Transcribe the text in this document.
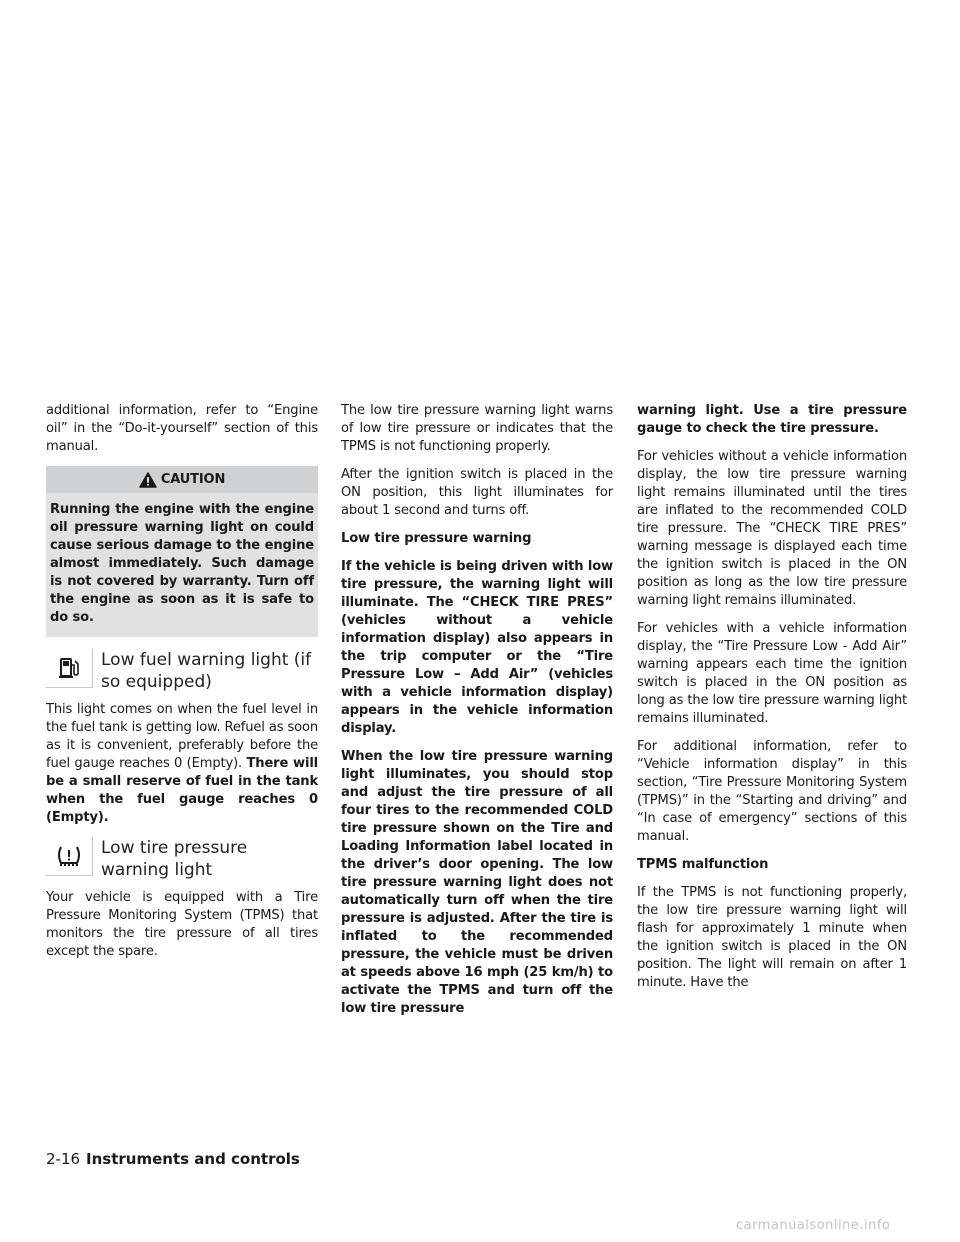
additional information, refer to “Engine oil” in the “Do-it-yourself” section of this manual.

CAUTION
Running the engine with the engine oil pressure warning light on could cause serious damage to the engine almost immediately. Such damage is not covered by warranty. Turn off the engine as soon as it is safe to do so.
Low fuel warning light (if so equipped)

This light comes on when the fuel level in the fuel tank is getting low. Refuel as soon as it is convenient, preferably before the fuel gauge reaches 0 (Empty). There will be a small reserve of fuel in the tank when the fuel gauge reaches 0 (Empty).

Low tire pressure warning light

Your vehicle is equipped with a Tire Pressure Monitoring System (TPMS) that monitors the tire pressure of all tires except the spare.

The low tire pressure warning light warns of low tire pressure or indicates that the TPMS is not functioning properly.

After the ignition switch is placed in the ON position, this light illuminates for about 1 second and turns off.

Low tire pressure warning

If the vehicle is being driven with low tire pressure, the warning light will illuminate. The “CHECK TIRE PRES” (vehicles without a vehicle information display) also appears in the trip computer or the “Tire Pressure Low – Add Air” (vehicles with a vehicle information display) appears in the vehicle information display.

When the low tire pressure warning light illuminates, you should stop and adjust the tire pressure of all four tires to the recommended COLD tire pressure shown on the Tire and Loading Information label located in the driver’s door opening. The low tire pressure warning light does not automatically turn off when the tire pressure is adjusted. After the tire is inflated to the recommended pressure, the vehicle must be driven at speeds above 16 mph (25 km/h) to activate the TPMS and turn off the low tire pressure

warning light. Use a tire pressure gauge to check the tire pressure.

For vehicles without a vehicle information display, the low tire pressure warning light remains illuminated until the tires are inflated to the recommended COLD tire pressure. The “CHECK TIRE PRES” warning message is displayed each time the ignition switch is placed in the ON position as long as the low tire pressure warning light remains illuminated.

For vehicles with a vehicle information display, the “Tire Pressure Low - Add Air” warning appears each time the ignition switch is placed in the ON position as long as the low tire pressure warning light remains illuminated.

For additional information, refer to “Vehicle information display” in this section, “Tire Pressure Monitoring System (TPMS)” in the “Starting and driving” and “In case of emergency” sections of this manual.

TPMS malfunction

If the TPMS is not functioning properly, the low tire pressure warning light will flash for approximately 1 minute when the ignition switch is placed in the ON position. The light will remain on after 1 minute. Have the

2-16 Instruments and controls
carmanualsonline.info
